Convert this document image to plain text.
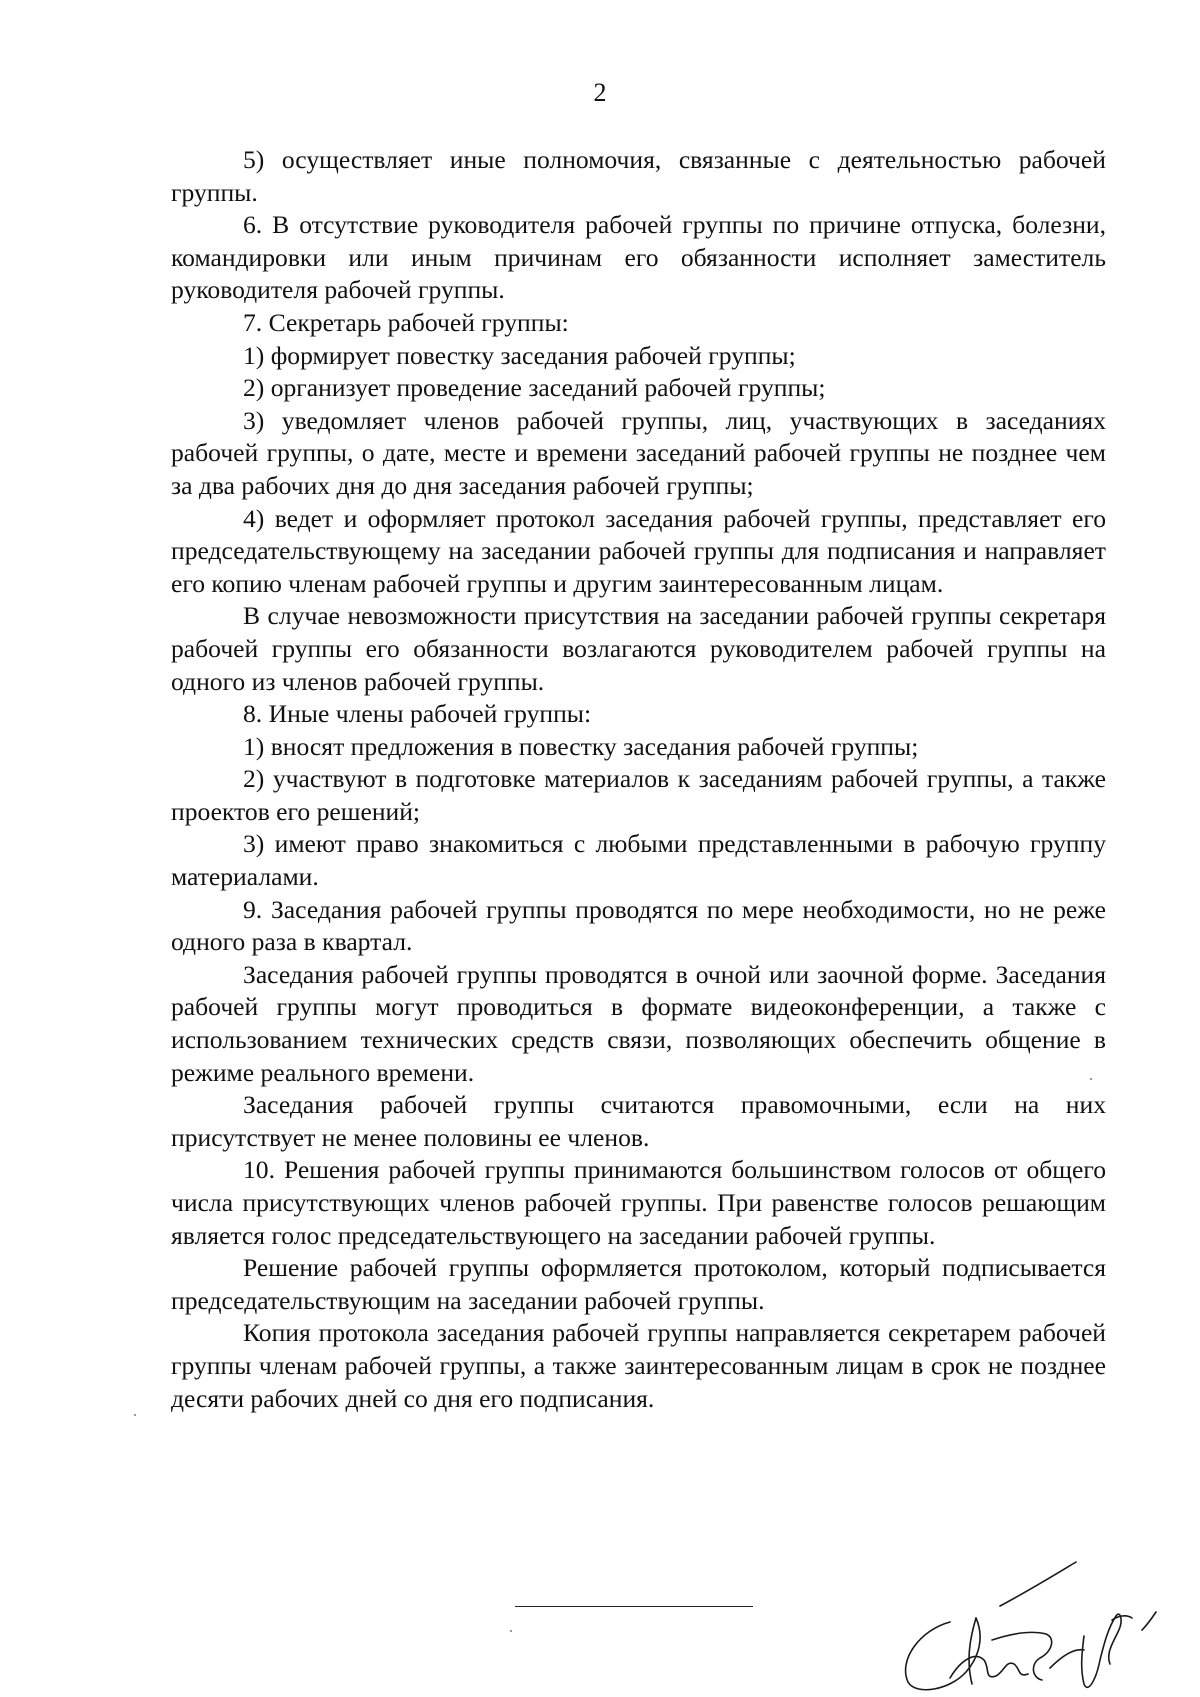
2

5) осуществляет иные полномочия, связанные с деятельностью рабочей группы.

6. В отсутствие руководителя рабочей группы по причине отпуска, болезни, командировки или иным причинам его обязанности исполняет заместитель руководителя рабочей группы.

7. Секретарь рабочей группы:

1) формирует повестку заседания рабочей группы;

2) организует проведение заседаний рабочей группы;

3) уведомляет членов рабочей группы, лиц, участвующих в заседаниях рабочей группы, о дате, месте и времени заседаний рабочей группы не позднее чем за два рабочих дня до дня заседания рабочей группы;

4) ведет и оформляет протокол заседания рабочей группы, представляет его председательствующему на заседании рабочей группы для подписания и направляет его копию членам рабочей группы и другим заинтересованным лицам.

В случае невозможности присутствия на заседании рабочей группы секретаря рабочей группы его обязанности возлагаются руководителем рабочей группы на одного из членов рабочей группы.

8. Иные члены рабочей группы:

1) вносят предложения в повестку заседания рабочей группы;

2) участвуют в подготовке материалов к заседаниям рабочей группы, а также проектов его решений;

3) имеют право знакомиться с любыми представленными в рабочую группу материалами.

9. Заседания рабочей группы проводятся по мере необходимости, но не реже одного раза в квартал.

Заседания рабочей группы проводятся в очной или заочной форме. Заседания рабочей группы могут проводиться в формате видеоконференции, а также с использованием технических средств связи, позволяющих обеспечить общение в режиме реального времени.

Заседания рабочей группы считаются правомочными, если на них присутствует не менее половины ее членов.

10. Решения рабочей группы принимаются большинством голосов от общего числа присутствующих членов рабочей группы. При равенстве голосов решающим является голос председательствующего на заседании рабочей группы.

Решение рабочей группы оформляется протоколом, который подписывается председательствующим на заседании рабочей группы.

Копия протокола заседания рабочей группы направляется секретарем рабочей группы членам рабочей группы, а также заинтересованным лицам в срок не позднее десяти рабочих дней со дня его подписания.
